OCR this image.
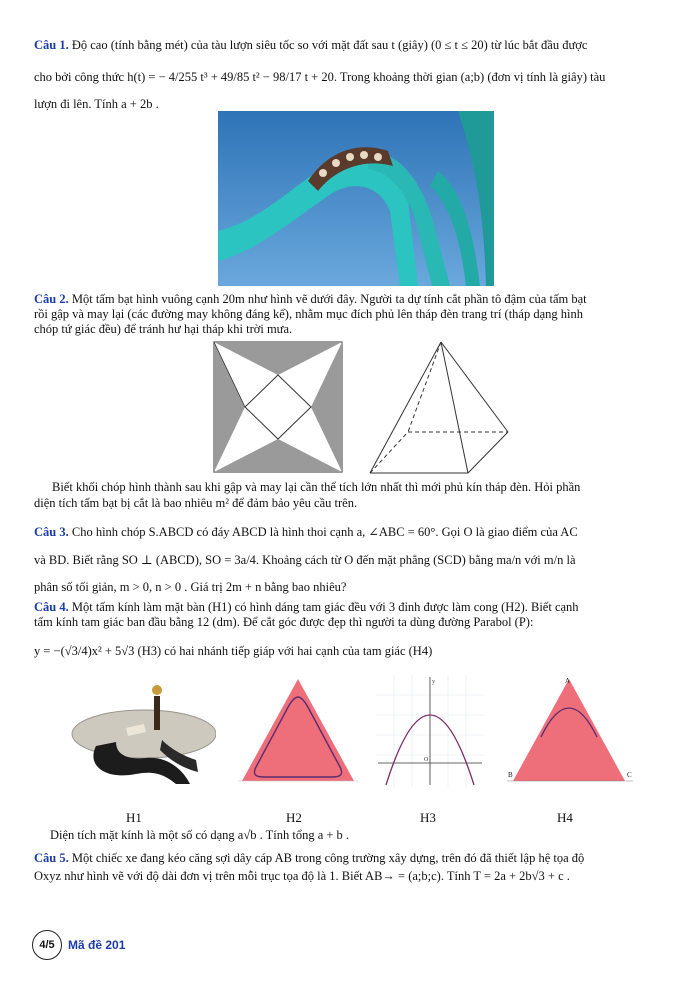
Câu 1. Độ cao (tính bằng mét) của tàu lượn siêu tốc so với mặt đất sau t (giây) (0 ≤ t ≤ 20) từ lúc bắt đầu được
cho bởi công thức h(t) = − 4/255 t³ + 49/85 t² − 98/17 t + 20. Trong khoảng thời gian (a;b) (đơn vị tính là giây) tàu
lượn đi lên. Tính a + 2b .
Câu 2. Một tấm bạt hình vuông cạnh 20m như hình vẽ dưới đây. Người ta dự tính cắt phần tô đậm của tấm bạt
rồi gập và may lại (các đường may không đáng kể), nhằm mục đích phủ lên tháp đèn trang trí (tháp dạng hình
chóp tứ giác đều) để tránh hư hại tháp khi trời mưa.
Biết khối chóp hình thành sau khi gập và may lại cần thể tích lớn nhất thì mới phủ kín tháp đèn. Hỏi phần
diện tích tấm bạt bị cắt là bao nhiêu m² để đảm bảo yêu cầu trên.
Câu 3. Cho hình chóp S.ABCD có đáy ABCD là hình thoi cạnh a, ∠ABC = 60°. Gọi O là giao điểm của AC
và BD. Biết rằng SO ⊥ (ABCD), SO = 3a/4. Khoảng cách từ O đến mặt phẳng (SCD) bằng ma/n với m/n là
phân số tối giản, m > 0, n > 0 . Giá trị 2m + n bằng bao nhiêu?
Câu 4. Một tấm kính làm mặt bàn (H1) có hình dáng tam giác đều với 3 đỉnh được làm cong (H2). Biết cạnh
tấm kính tam giác ban đầu bằng 12 (dm). Để cắt góc được đẹp thì người ta dùng đường Parabol (P):
y = −(√3/4)x² + 5√3 (H3) có hai nhánh tiếp giáp với hai cạnh của tam giác (H4)
O
y	A
B	C
H1	H2	H3	H4
Diện tích mặt kính là một số có dạng a√b . Tính tổng a + b .
Câu 5. Một chiếc xe đang kéo căng sợi dây cáp AB trong công trường xây dựng, trên đó đã thiết lập hệ tọa độ
Oxyz như hình vẽ với độ dài đơn vị trên mỗi trục tọa độ là 1. Biết AB→ = (a;b;c). Tính T = 2a + 2b√3 + c .
4/5	Mã đề 201
